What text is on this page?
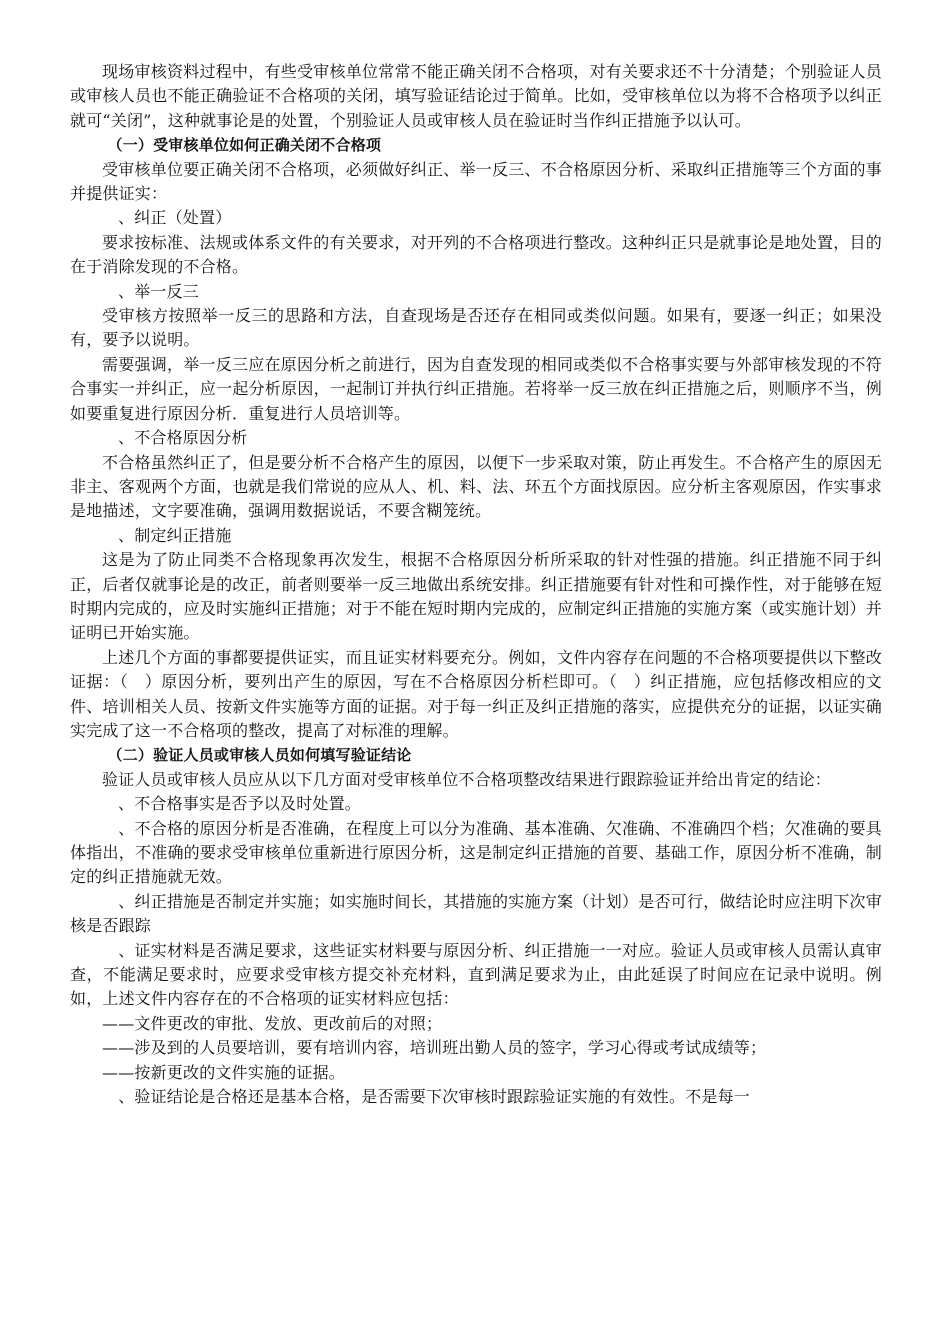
现场审核资料过程中，有些受审核单位常常不能正确关闭不合格项，对有关要求还不十分清楚；个别验证人员或审核人员也不能正确验证不合格项的关闭，填写验证结论过于简单。比如，受审核单位以为将不合格项予以纠正就可“关闭”，这种就事论是的处置，个别验证人员或审核人员在验证时当作纠正措施予以认可。

（一）受审核单位如何正确关闭不合格项

受审核单位要正确关闭不合格项，必须做好纠正、举一反三、不合格原因分析、采取纠正措施等三个方面的事并提供证实：

、纠正（处置）

要求按标准、法规或体系文件的有关要求，对开列的不合格项进行整改。这种纠正只是就事论是地处置，目的在于消除发现的不合格。

、举一反三

受审核方按照举一反三的思路和方法，自查现场是否还存在相同或类似问题。如果有，要逐一纠正；如果没有，要予以说明。

需要强调，举一反三应在原因分析之前进行，因为自查发现的相同或类似不合格事实要与外部审核发现的不符合事实一并纠正，应一起分析原因，一起制订并执行纠正措施。若将举一反三放在纠正措施之后，则顺序不当，例如要重复进行原因分析．重复进行人员培训等。

、不合格原因分析

不合格虽然纠正了，但是要分析不合格产生的原因，以便下一步采取对策，防止再发生。不合格产生的原因无非主、客观两个方面，也就是我们常说的应从人、机、料、法、环五个方面找原因。应分析主客观原因，作实事求是地描述，文字要准确，强调用数据说话，不要含糊笼统。

、制定纠正措施

这是为了防止同类不合格现象再次发生，根据不合格原因分析所采取的针对性强的措施。纠正措施不同于纠正，后者仅就事论是的改正，前者则要举一反三地做出系统安排。纠正措施要有针对性和可操作性，对于能够在短时期内完成的，应及时实施纠正措施；对于不能在短时期内完成的，应制定纠正措施的实施方案（或实施计划）并证明已开始实施。

上述几个方面的事都要提供证实，而且证实材料要充分。例如，文件内容存在问题的不合格项要提供以下整改证据：（　）原因分析，要列出产生的原因，写在不合格原因分析栏即可。（　）纠正措施，应包括修改相应的文件、培训相关人员、按新文件实施等方面的证据。对于每一纠正及纠正措施的落实，应提供充分的证据，以证实确实完成了这一不合格项的整改，提高了对标准的理解。

（二）验证人员或审核人员如何填写验证结论

验证人员或审核人员应从以下几方面对受审核单位不合格项整改结果进行跟踪验证并给出肯定的结论：

、不合格事实是否予以及时处置。

　、不合格的原因分析是否准确，在程度上可以分为准确、基本准确、欠准确、不准确四个档；欠准确的要具体指出，不准确的要求受审核单位重新进行原因分析，这是制定纠正措施的首要、基础工作，原因分析不准确，制定的纠正措施就无效。

　、纠正措施是否制定并实施；如实施时间长，其措施的实施方案（计划）是否可行，做结论时应注明下次审核是否跟踪

　、证实材料是否满足要求，这些证实材料要与原因分析、纠正措施一一对应。验证人员或审核人员需认真审查，不能满足要求时，应要求受审核方提交补充材料，直到满足要求为止，由此延误了时间应在记录中说明。例如，上述文件内容存在的不合格项的证实材料应包括：

——文件更改的审批、发放、更改前后的对照；

——涉及到的人员要培训，要有培训内容，培训班出勤人员的签字，学习心得或考试成绩等；

——按新更改的文件实施的证据。

　、验证结论是合格还是基本合格，是否需要下次审核时跟踪验证实施的有效性。不是每一
